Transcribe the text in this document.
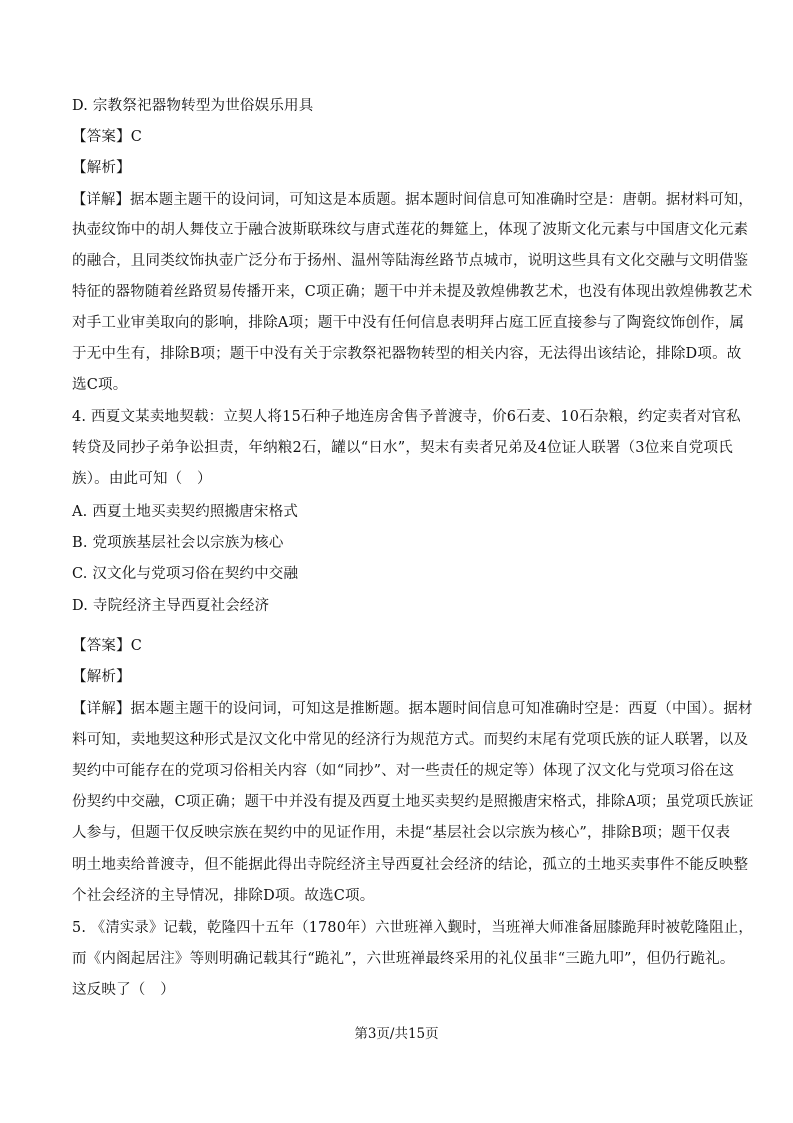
D. 宗教祭祀器物转型为世俗娱乐用具
【答案】C
【解析】
【详解】据本题主题干的设问词，可知这是本质题。据本题时间信息可知准确时空是：唐朝。据材料可知，
执壶纹饰中的胡人舞伎立于融合波斯联珠纹与唐式莲花的舞筵上，体现了波斯文化元素与中国唐文化元素
的融合，且同类纹饰执壶广泛分布于扬州、温州等陆海丝路节点城市，说明这些具有文化交融与文明借鉴
特征的器物随着丝路贸易传播开来，C项正确；题干中并未提及敦煌佛教艺术，也没有体现出敦煌佛教艺术
对手工业审美取向的影响，排除A项；题干中没有任何信息表明拜占庭工匠直接参与了陶瓷纹饰创作，属
于无中生有，排除B项；题干中没有关于宗教祭祀器物转型的相关内容，无法得出该结论，排除D项。故
选C项。
4. 西夏文某卖地契载：立契人将15石种子地连房舍售予普渡寺，价6石麦、10石杂粮，约定卖者对官私
转贷及同抄子弟争讼担责，年纳粮2石，罐以“日水”，契末有卖者兄弟及4位证人联署（3位来自党项氏
族）。由此可知（　）
A. 西夏土地买卖契约照搬唐宋格式
B. 党项族基层社会以宗族为核心
C. 汉文化与党项习俗在契约中交融
D. 寺院经济主导西夏社会经济
【答案】C
【解析】
【详解】据本题主题干的设问词，可知这是推断题。据本题时间信息可知准确时空是：西夏（中国）。据材
料可知，卖地契这种形式是汉文化中常见的经济行为规范方式。而契约末尾有党项氏族的证人联署，以及
契约中可能存在的党项习俗相关内容（如“同抄”、对一些责任的规定等）体现了汉文化与党项习俗在这
份契约中交融，C项正确；题干中并没有提及西夏土地买卖契约是照搬唐宋格式，排除A项；虽党项氏族证
人参与，但题干仅反映宗族在契约中的见证作用，未提“基层社会以宗族为核心”，排除B项；题干仅表
明土地卖给普渡寺，但不能据此得出寺院经济主导西夏社会经济的结论，孤立的土地买卖事件不能反映整
个社会经济的主导情况，排除D项。故选C项。
5. 《清实录》记载，乾隆四十五年（1780年）六世班禅入觐时，当班禅大师准备屈膝跪拜时被乾隆阻止，
而《内阁起居注》等则明确记载其行“跪礼”，六世班禅最终采用的礼仪虽非“三跪九叩”，但仍行跪礼。
这反映了（　）
第3页/共15页
